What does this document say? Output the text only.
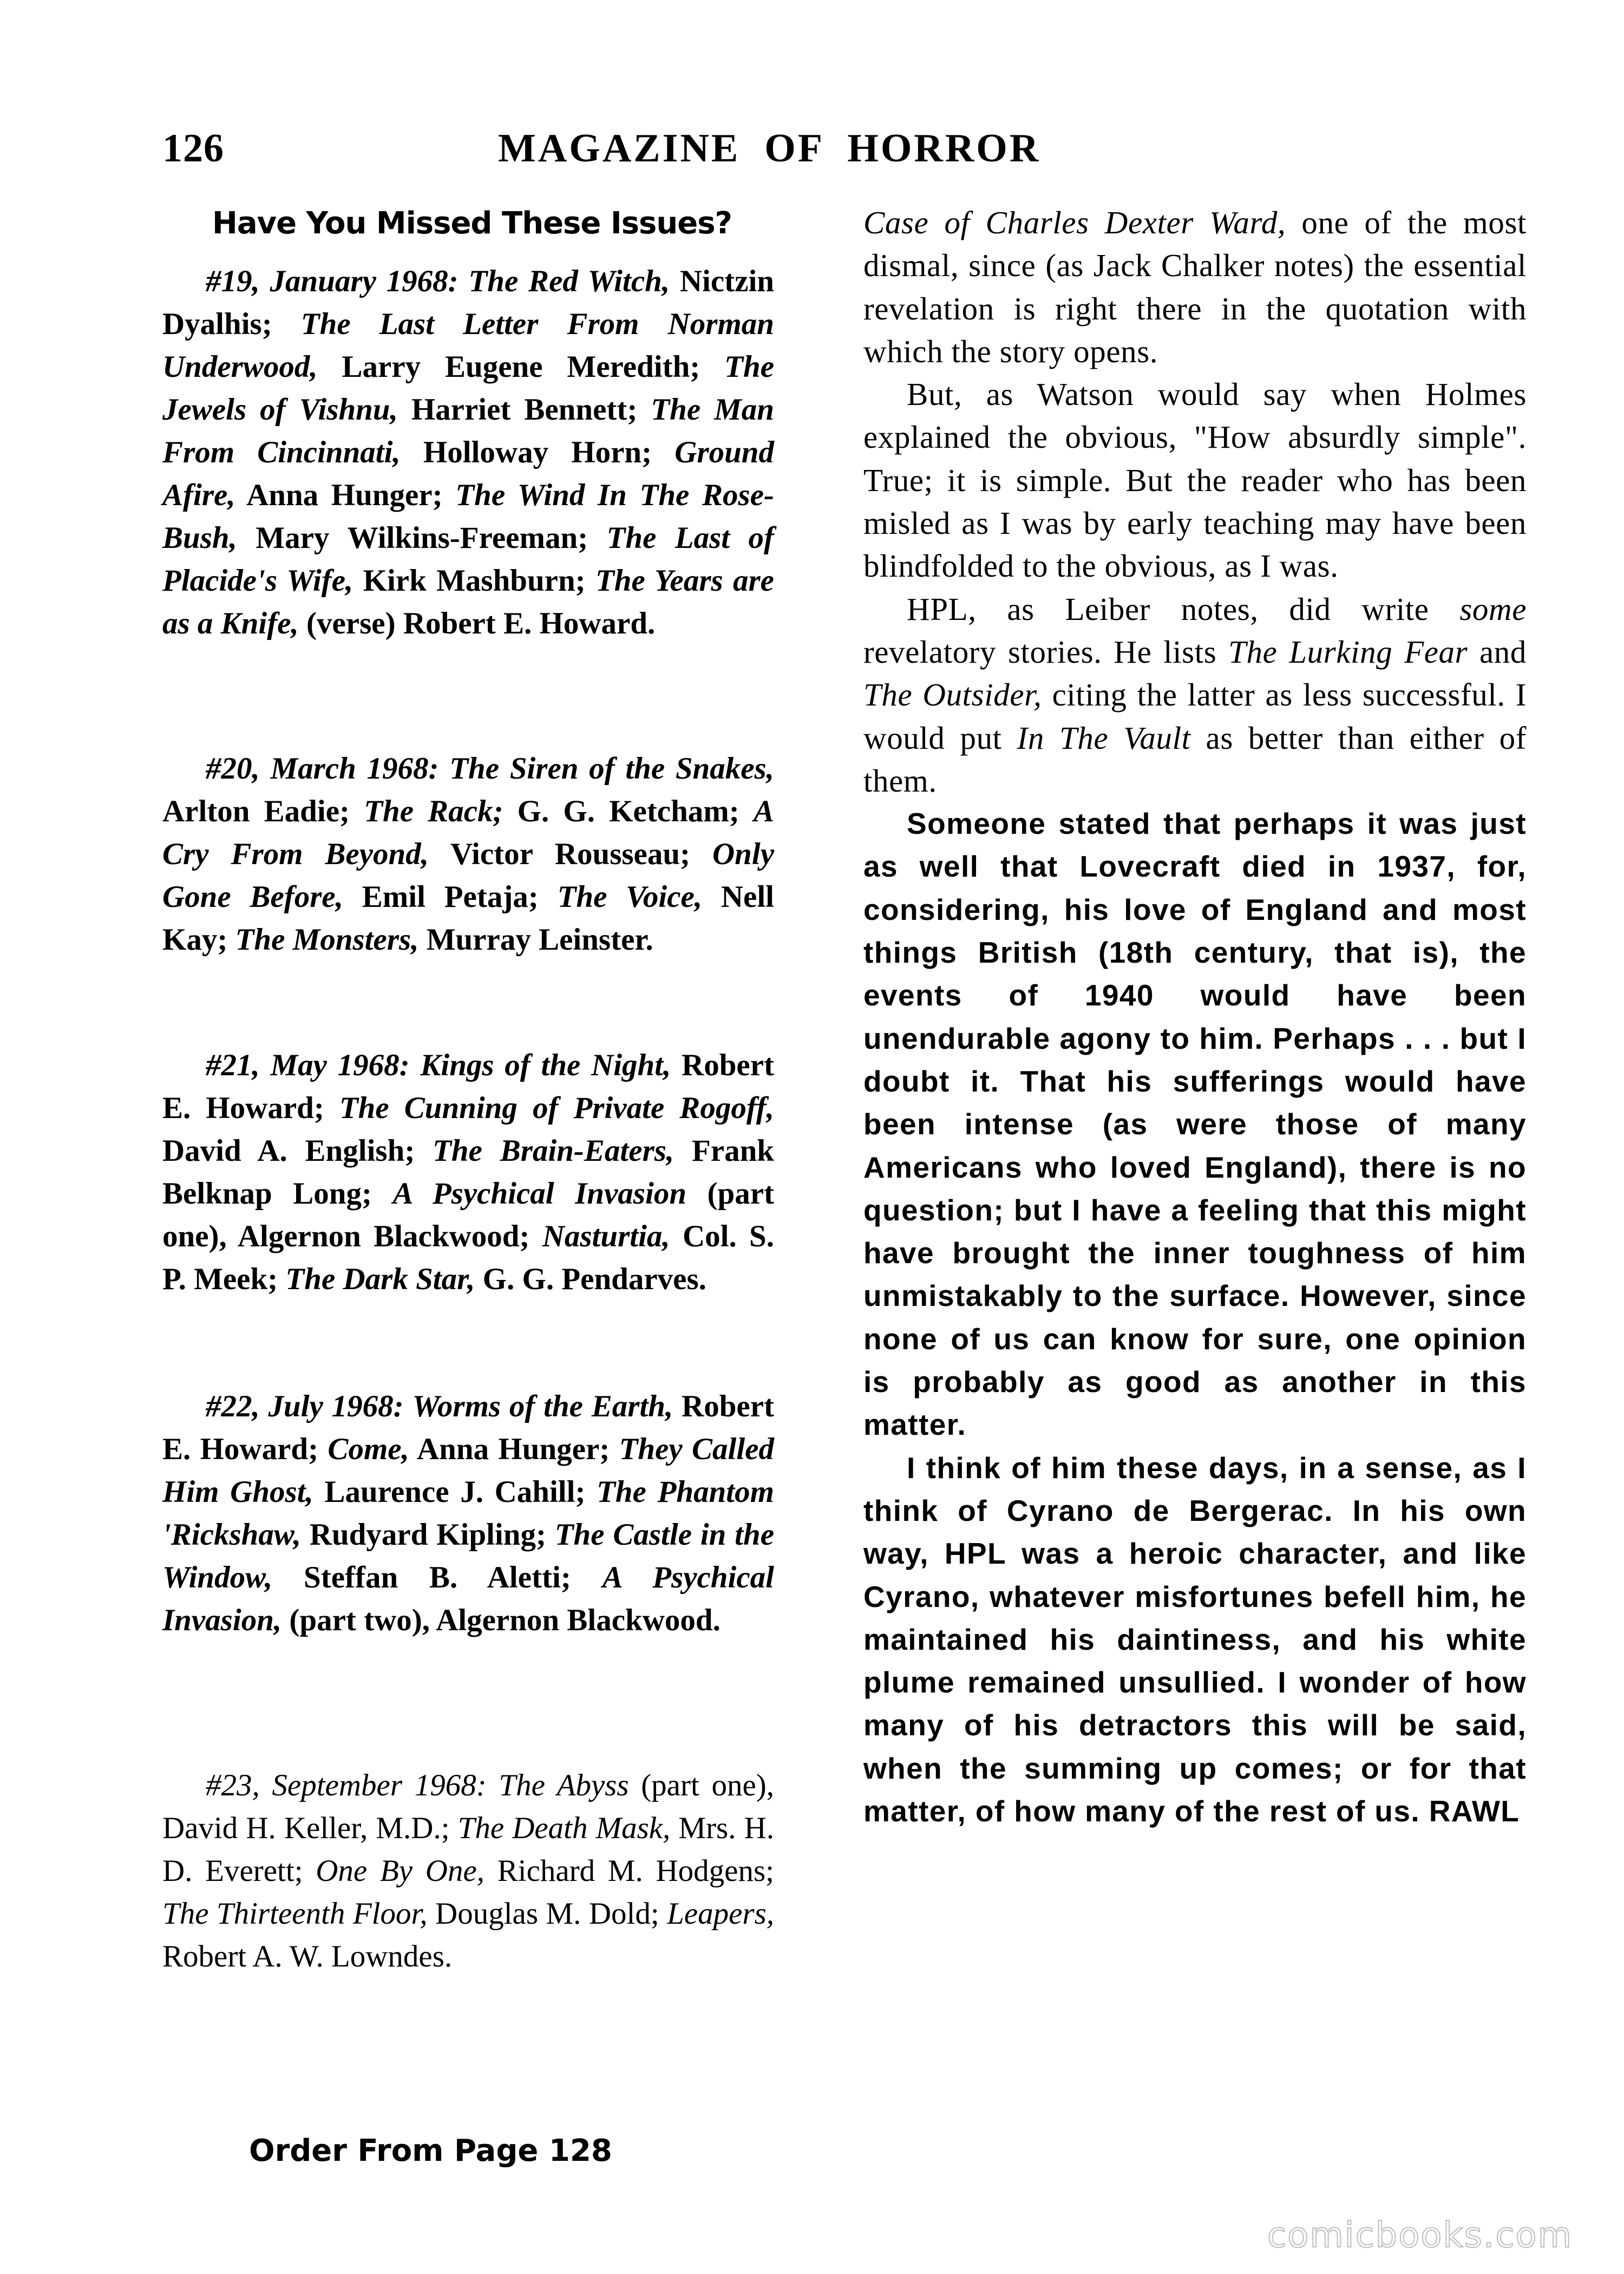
126	MAGAZINE  OF  HORROR
Have You Missed These Issues?
#19, January 1968: The Red Witch, Nictzin Dyalhis; The Last Letter From Norman Underwood, Larry Eugene Meredith; The Jewels of Vishnu, Harriet Bennett; The Man From Cincinnati, Holloway Horn; Ground Afire, Anna Hunger; The Wind In The Rose-Bush, Mary Wilkins-Freeman; The Last of Placide's Wife, Kirk Mashburn; The Years are as a Knife, (verse) Robert E. Howard.
#20, March 1968: The Siren of the Snakes, Arlton Eadie; The Rack; G. G. Ketcham; A Cry From Beyond, Victor Rousseau; Only Gone Before, Emil Petaja; The Voice, Nell Kay; The Monsters, Murray Leinster.
#21, May 1968: Kings of the Night, Robert E. Howard; The Cunning of Private Rogoff, David A. English; The Brain-Eaters, Frank Belknap Long; A Psychical Invasion (part one), Algernon Blackwood; Nasturtia, Col. S. P. Meek; The Dark Star, G. G. Pendarves.
#22, July 1968: Worms of the Earth, Robert E. Howard; Come, Anna Hunger; They Called Him Ghost, Laurence J. Cahill; The Phantom 'Rickshaw, Rudyard Kipling; The Castle in the Window, Steffan B. Aletti; A Psychical Invasion, (part two), Algernon Blackwood.
#23, September 1968: The Abyss (part one), David H. Keller, M.D.; The Death Mask, Mrs. H. D. Everett; One By One, Richard M. Hodgens; The Thirteenth Floor, Douglas M. Dold; Leapers, Robert A. W. Lowndes.
Order From Page 128

Case of Charles Dexter Ward, one of the most dismal, since (as Jack Chalker notes) the essential revelation is right there in the quotation with which the story opens.

But, as Watson would say when Holmes explained the obvious, "How absurdly simple". True; it is simple. But the reader who has been misled as I was by early teaching may have been blindfolded to the obvious, as I was.

HPL, as Leiber notes, did write some revelatory stories. He lists The Lurking Fear and The Outsider, citing the latter as less successful. I would put In The Vault as better than either of them.

Someone stated that perhaps it was just as well that Lovecraft died in 1937, for, considering, his love of England and most things British (18th century, that is), the events of 1940 would have been unendurable agony to him. Perhaps . . . but I doubt it. That his sufferings would have been intense (as were those of many Americans who loved England), there is no question; but I have a feeling that this might have brought the inner toughness of him unmistakably to the surface. However, since none of us can know for sure, one opinion is probably as good as another in this matter.

I think of him these days, in a sense, as I think of Cyrano de Bergerac. In his own way, HPL was a heroic character, and like Cyrano, whatever misfortunes befell him, he maintained his daintiness, and his white plume remained unsullied. I wonder of how many of his detractors this will be said, when the summing up comes; or for that matter, of how many of the rest of us. RAWL

comicbooks.com
